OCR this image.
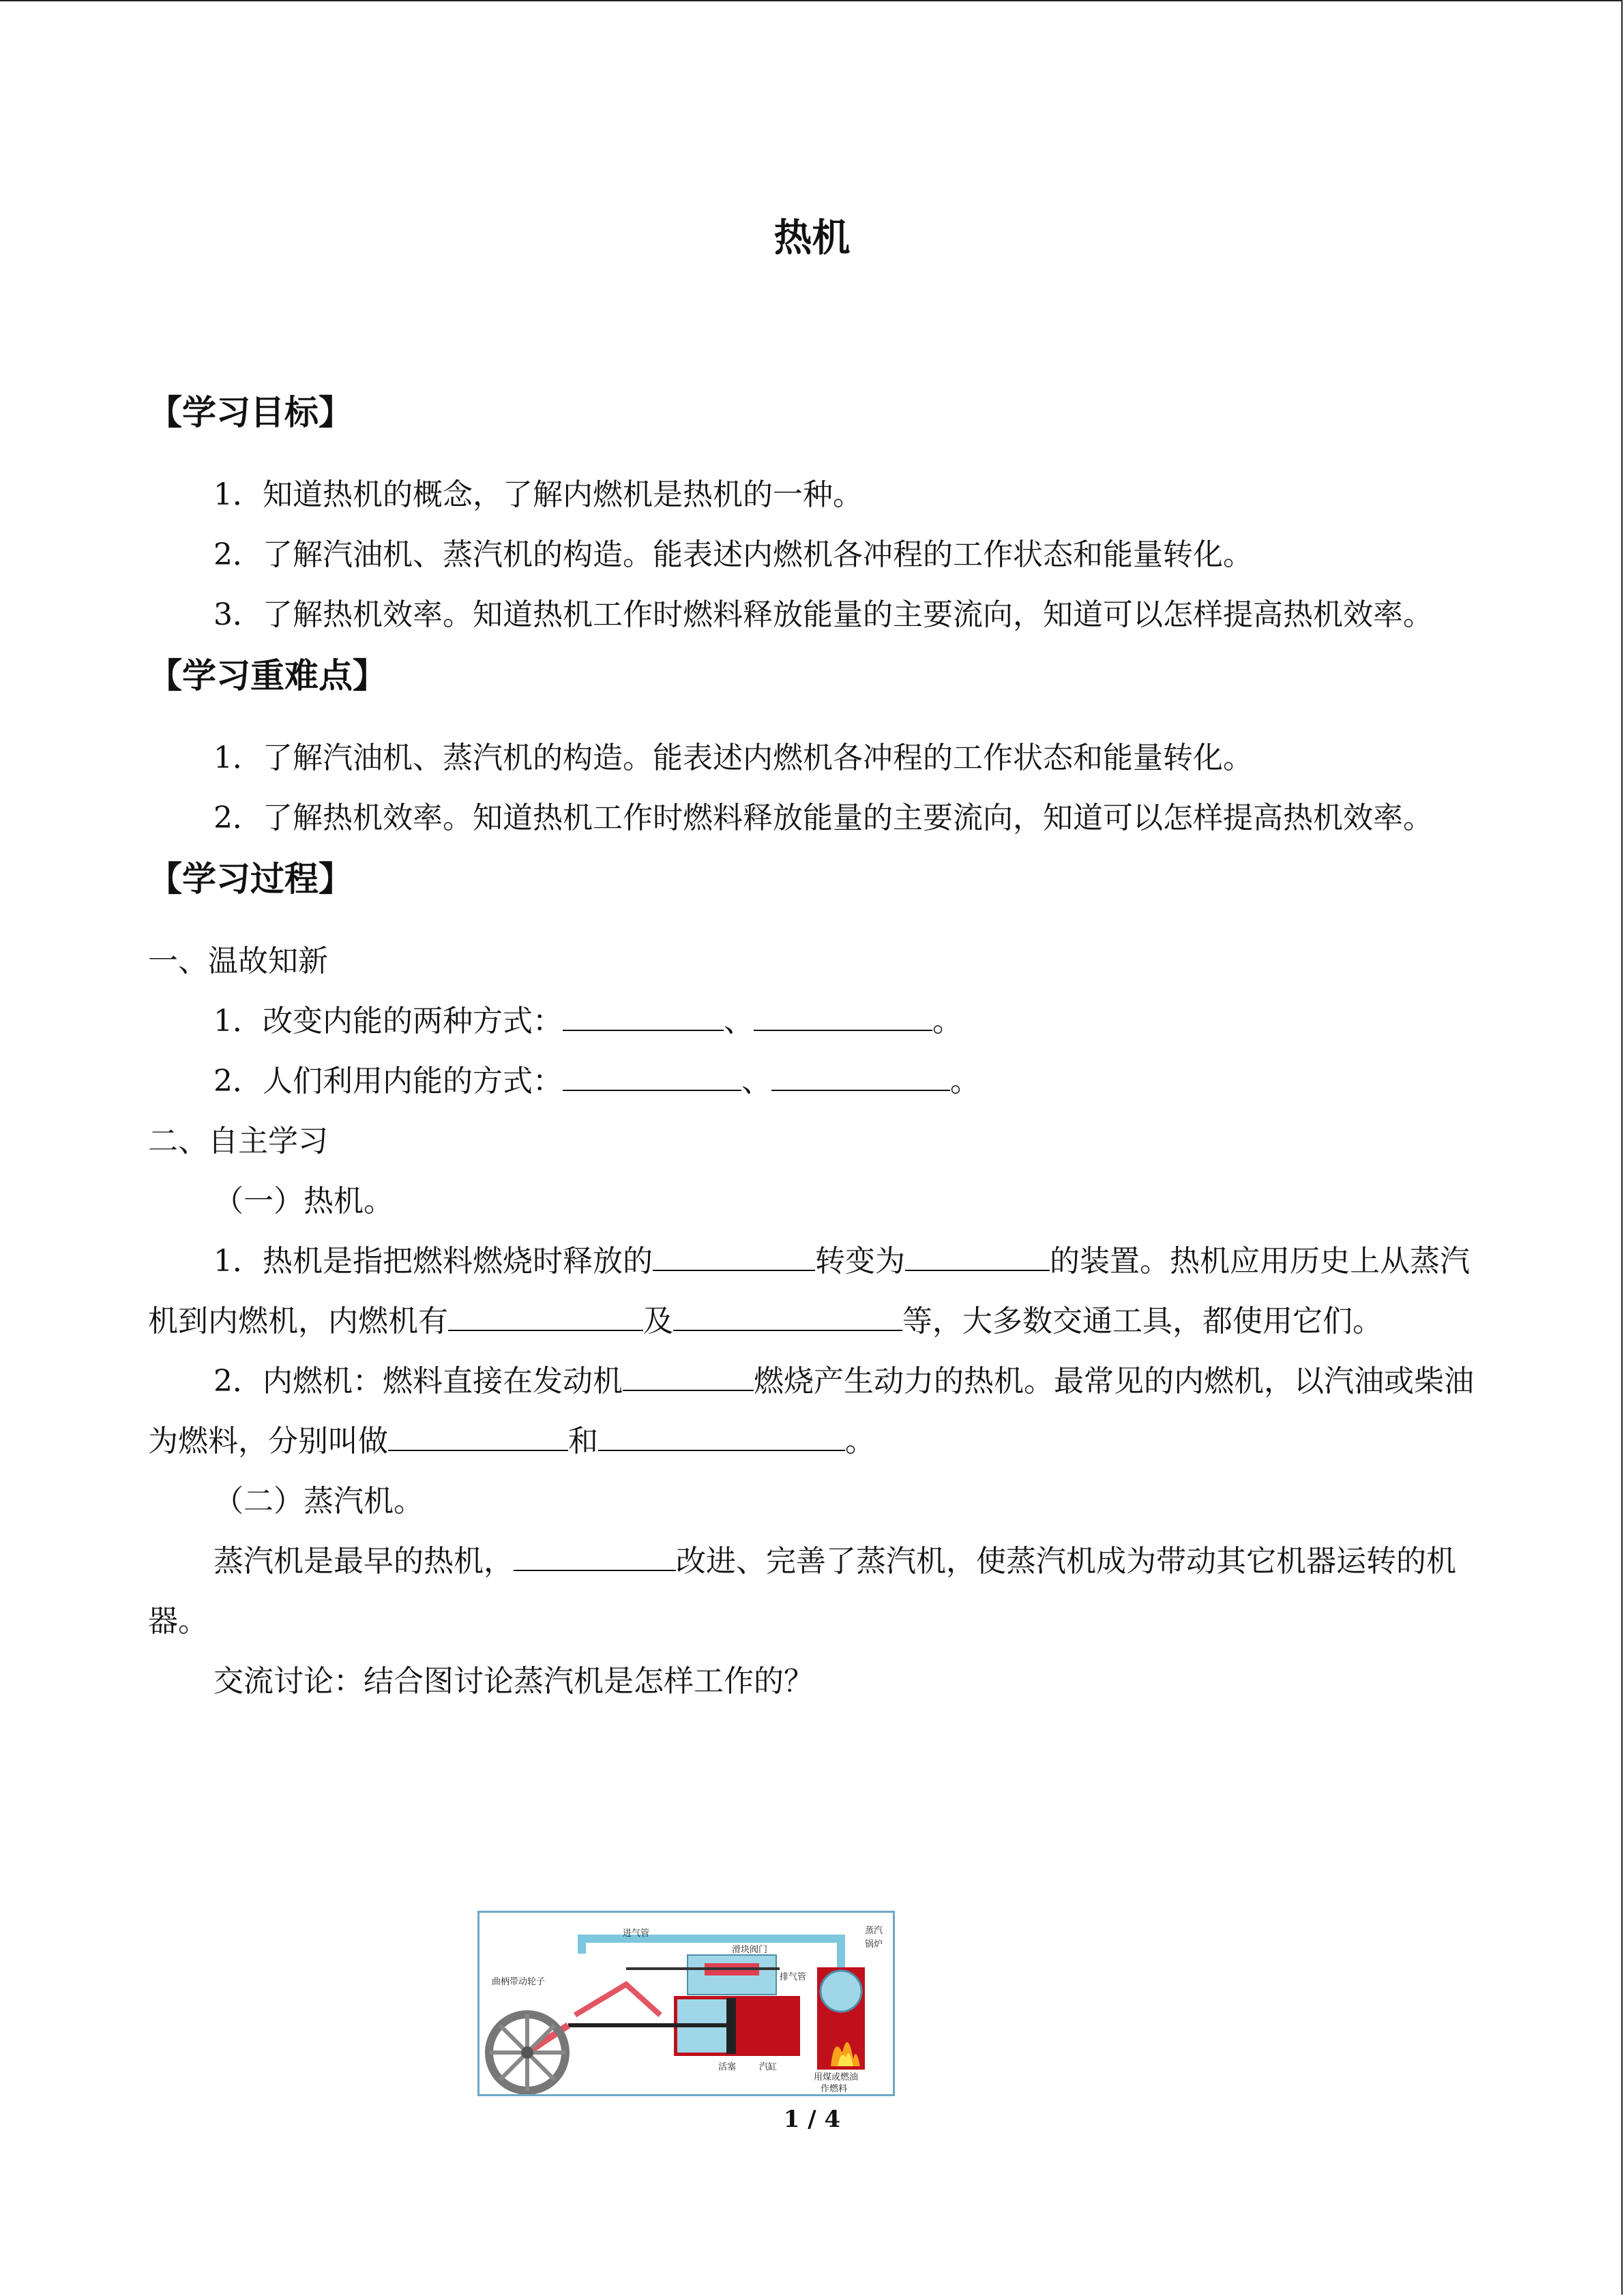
热机

【学习目标】

1．知道热机的概念，了解内燃机是热机的一种。

2．了解汽油机、蒸汽机的构造。能表述内燃机各冲程的工作状态和能量转化。

3．了解热机效率。知道热机工作时燃料释放能量的主要流向，知道可以怎样提高热机效率。

【学习重难点】

1．了解汽油机、蒸汽机的构造。能表述内燃机各冲程的工作状态和能量转化。

2．了解热机效率。知道热机工作时燃料释放能量的主要流向，知道可以怎样提高热机效率。

【学习过程】

一、温故知新

1．改变内能的两种方式：	、	。

2．人们利用内能的方式：	、	。

二、自主学习

（一）热机。

1．热机是指把燃料燃烧时释放的	转变为	的装置。热机应用历史上从蒸汽机到内燃机，内燃机有	及	等，大多数交通工具，都使用它们。

2．内燃机：燃料直接在发动机	燃烧产生动力的热机。最常见的内燃机，以汽油或柴油为燃料，分别叫做	和	。

（二）蒸汽机。

蒸汽机是最早的热机，	改进、完善了蒸汽机，使蒸汽机成为带动其它机器运转的机器。

交流讨论：结合图讨论蒸汽机是怎样工作的？

进气管
滑块阀门
蒸汽
锅炉
曲柄带动轮子	排气管
活塞	汽缸
用煤或燃油
作燃料
1 / 4
